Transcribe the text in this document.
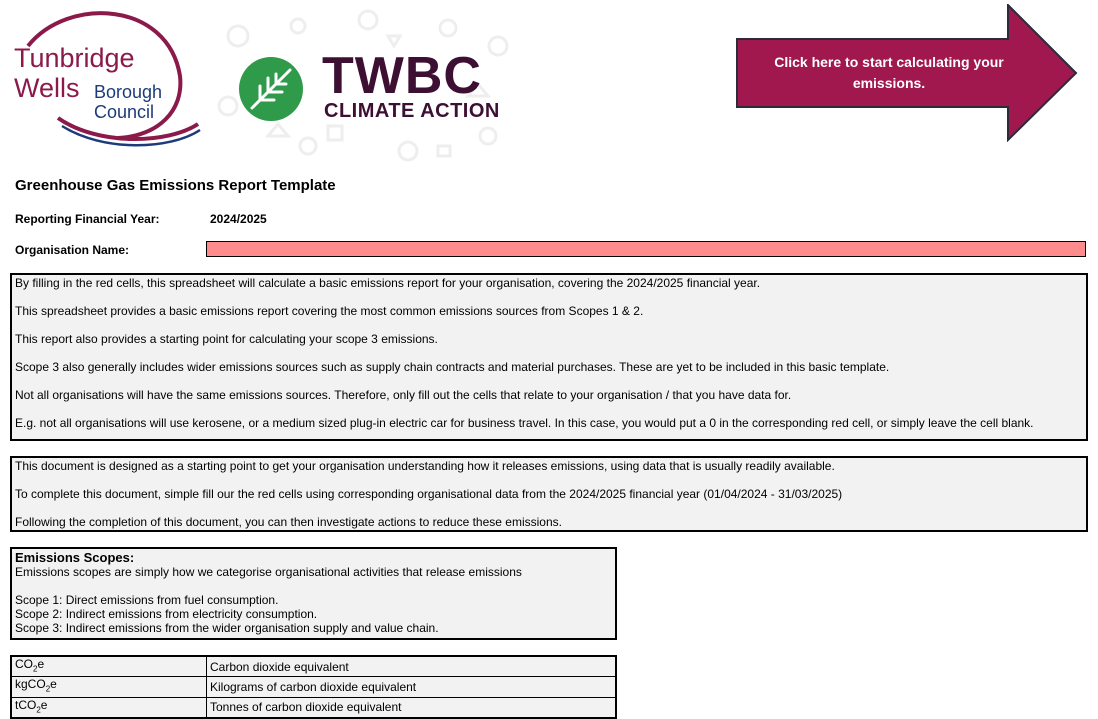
Tunbridge
Wells Borough
Council
TWBC
CLIMATE ACTION
Click here to start calculating your
emissions.
Greenhouse Gas Emissions Report Template
Reporting Financial Year:	2024/2025
Organisation Name:

By filling in the red cells, this spreadsheet will calculate a basic emissions report for your organisation, covering the 2024/2025 financial year.

This spreadsheet provides a basic emissions report covering the most common emissions sources from Scopes 1 & 2.

This report also provides a starting point for calculating your scope 3 emissions.

Scope 3 also generally includes wider emissions sources such as supply chain contracts and material purchases. These are yet to be included in this basic template.

Not all organisations will have the same emissions sources. Therefore, only fill out the cells that relate to your organisation / that you have data for.

E.g. not all organisations will use kerosene, or a medium sized plug-in electric car for business travel. In this case, you would put a 0 in the corresponding red cell, or simply leave the cell blank.

This document is designed as a starting point to get your organisation understanding how it releases emissions, using data that is usually readily available.

To complete this document, simple fill our the red cells using corresponding organisational data from the 2024/2025 financial year (01/04/2024 - 31/03/2025)

Following the completion of this document, you can then investigate actions to reduce these emissions.

Emissions Scopes:
Emissions scopes are simply how we categorise organisational activities that release emissions

Scope 1: Direct emissions from fuel consumption.
Scope 2: Indirect emissions from electricity consumption.
Scope 3: Indirect emissions from the wider organisation supply and value chain.
$CO_2e$	Carbon dioxide equivalent
kgCO$_2$e	Kilograms of carbon dioxide equivalent
tCO$_2$e	Tonnes of carbon dioxide equivalent
